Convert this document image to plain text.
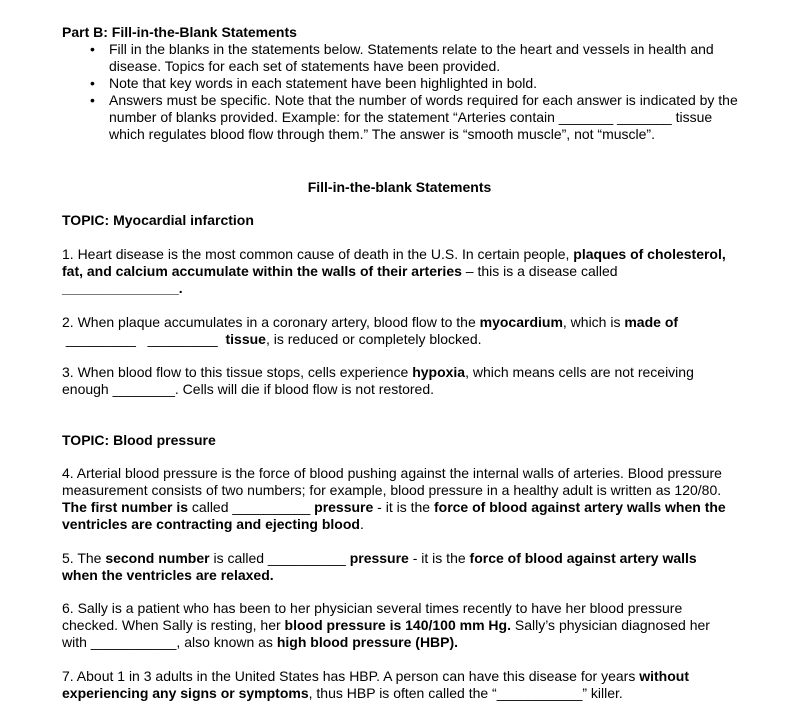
Part B: Fill-in-the-Blank Statements
• Fill in the blanks in the statements below. Statements relate to the heart and vessels in health and disease. Topics for each set of statements have been provided.
• Note that key words in each statement have been highlighted in bold.
• Answers must be specific. Note that the number of words required for each answer is indicated by the number of blanks provided. Example: for the statement “Arteries contain _______ _______ tissue which regulates blood flow through them.” The answer is “smooth muscle”, not “muscle”.
Fill-in-the-blank Statements
TOPIC: Myocardial infarction
1. Heart disease is the most common cause of death in the U.S. In certain people, plaques of cholesterol, fat, and calcium accumulate within the walls of their arteries – this is a disease called _______________.
2. When plaque accumulates in a coronary artery, blood flow to the myocardium, which is made of _________   _________  tissue, is reduced or completely blocked.
3. When blood flow to this tissue stops, cells experience hypoxia, which means cells are not receiving enough ________. Cells will die if blood flow is not restored.
TOPIC: Blood pressure
4. Arterial blood pressure is the force of blood pushing against the internal walls of arteries. Blood pressure measurement consists of two numbers; for example, blood pressure in a healthy adult is written as 120/80. The first number is called __________ pressure - it is the force of blood against artery walls when the ventricles are contracting and ejecting blood.
5. The second number is called __________ pressure - it is the force of blood against artery walls when the ventricles are relaxed.
6. Sally is a patient who has been to her physician several times recently to have her blood pressure checked. When Sally is resting, her blood pressure is 140/100 mm Hg. Sally’s physician diagnosed her with ___________, also known as high blood pressure (HBP).
7. About 1 in 3 adults in the United States has HBP. A person can have this disease for years without experiencing any signs or symptoms, thus HBP is often called the “___________” killer.
